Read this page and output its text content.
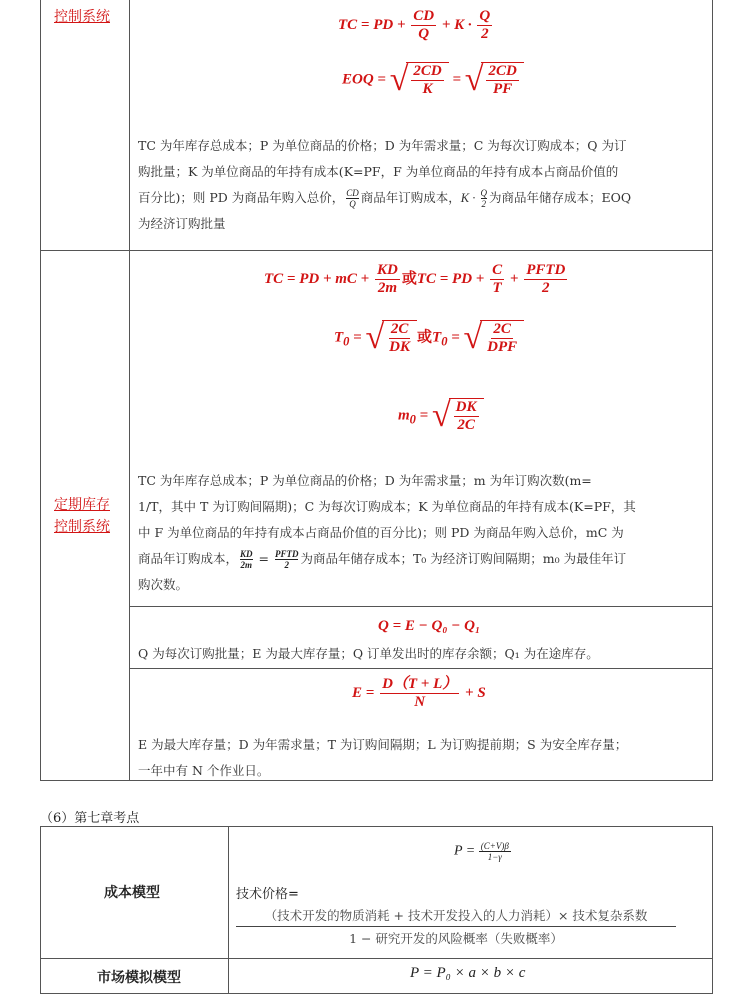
控制系统	TC = PD + $\frac{CD}{Q} + K \cdot \frac{Q}{2}$
EOQ = √ $\frac{2CD}{K}$ = √ $\frac{2CD}{PF}$
TC 为年库存总成本；P 为单位商品的价格；D 为年需求量；C 为每次订购成本；Q 为订
购批量；K 为单位商品的年持有成本(K=PF，F 为单位商品的年持有成本占商品价值的
百分比)；则 PD 为商品年购入总价， $\frac{CD}{Q}$ 商品年订购成本，$K \cdot \frac{Q}{2}$ 为商品年储存成本；EOQ
为经济订购批量
定期库存
控制系统
TC = PD + mC + $\frac{KD}{2m}$ 或TC = PD + $\frac{C}{T} + \frac{\text{PFTD}}{2}$
$T_0$ = √ $\frac{2C}{DK}$ 或$T_0$ = √ $\frac{2C}{\text{DPF}}$
$m_0$ = √ $\frac{DK}{2C}$
TC 为年库存总成本；P 为单位商品的价格；D 为年需求量；m 为年订购次数(m=
1/T，其中 T 为订购间隔期)；C 为每次订购成本；K 为单位商品的年持有成本(K=PF，其
中 F 为单位商品的年持有成本占商品价值的百分比)；则 PD 为商品年购入总价，mC 为
商品年订购成本， $\frac{KD}{2m} = \frac{\text{PFTD}}{2}$ 为商品年储存成本；T₀ 为经济订购间隔期；m₀ 为最佳年订
购次数。
Q = E − Q₀ − Q₁
Q 为每次订购批量；E 为最大库存量；Q 订单发出时的库存余额；Q₁ 为在途库存。
$E = \frac{D(T + L)}{N} + S$
E 为最大库存量；D 为年需求量；T 为订购间隔期；L 为订购提前期；S 为安全库存量；
一年中有 N 个作业日。
（6）第七章考点
成本模型
$P = \frac{(C+V)\beta}{1-\gamma}$
技术价格=
（技术开发的物质消耗 + 技术开发投入的人力消耗）× 技术复杂系数
1 − 研究开发的风险概率（失败概率）
市场模拟模型	P = P₀ × a × b × c
